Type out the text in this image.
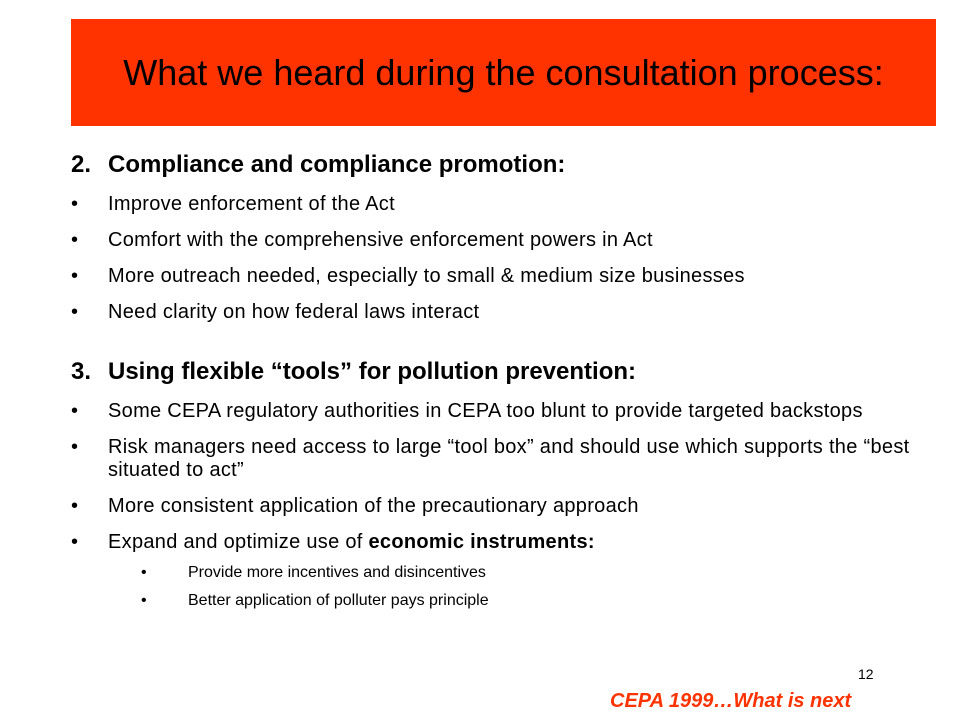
What we heard during the consultation process:

2. Compliance and compliance promotion:
•	Improve enforcement of the Act
•	Comfort with the comprehensive enforcement powers in Act
•	More outreach needed, especially to small & medium size businesses
•	Need clarity on how federal laws interact
3. Using flexible “tools” for pollution prevention:
•	Some CEPA regulatory authorities in CEPA too blunt to provide targeted backstops
•	Risk managers need access to large “tool box” and should use which supports the “best situated to act”
•	More consistent application of the precautionary approach
•	Expand and optimize use of economic instruments:
•	Provide more incentives and disincentives
•	Better application of polluter pays principle
12
CEPA 1999…What is next
